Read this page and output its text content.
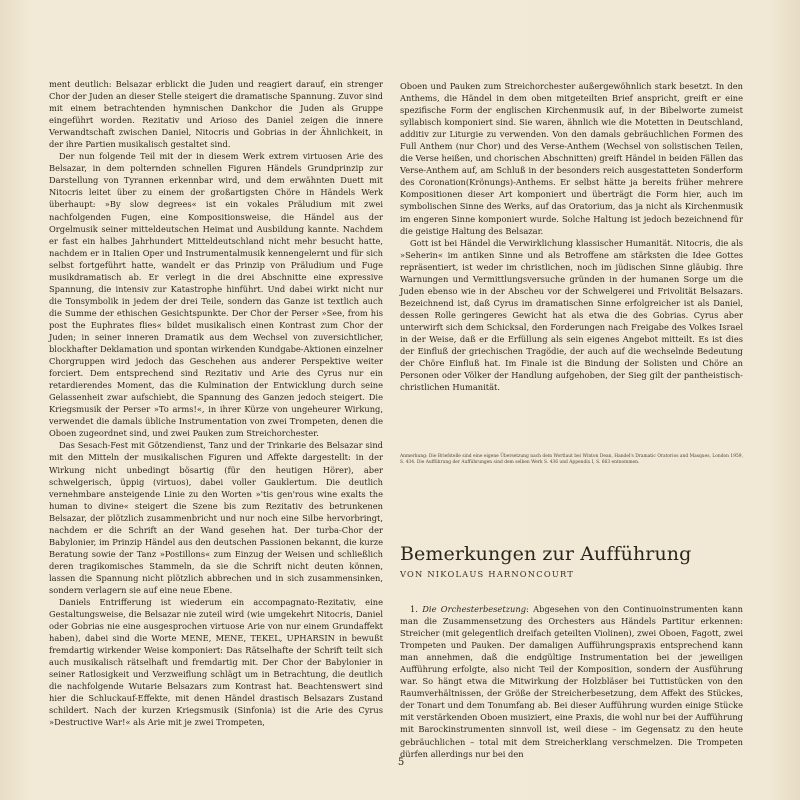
ment deutlich: Belsazar erblickt die Juden und reagiert darauf, ein strenger Chor der Juden an dieser Stelle steigert die dramatische Spannung. Zuvor sind mit einem betrachtenden hymnischen Dankchor die Juden als Gruppe eingeführt worden. Rezitativ und Arioso des Daniel zeigen die innere Verwandtschaft zwischen Daniel, Nitocris und Gobrias in der Ähnlichkeit, in der ihre Partien musikalisch gestaltet sind.

Der nun folgende Teil mit der in diesem Werk extrem virtuosen Arie des Belsazar, in dem polternden schnellen Figuren Händels Grundprinzip zur Darstellung von Tyrannen erkennbar wird, und dem erwähnten Duett mit Nitocris leitet über zu einem der großartigsten Chöre in Händels Werk überhaupt: »By slow degrees« ist ein vokales Präludium mit zwei nachfolgenden Fugen, eine Kompositionsweise, die Händel aus der Orgelmusik seiner mitteldeutschen Heimat und Ausbildung kannte. Nachdem er fast ein halbes Jahrhundert Mitteldeutschland nicht mehr besucht hatte, nachdem er in Italien Oper und Instrumentalmusik kennengelernt und für sich selbst fortgeführt hatte, wandelt er das Prinzip von Präludium und Fuge musikdramatisch ab. Er verlegt in die drei Abschnitte eine expressive Spannung, die intensiv zur Katastrophe hinführt. Und dabei wirkt nicht nur die Tonsymbolik in jedem der drei Teile, sondern das Ganze ist textlich auch die Summe der ethischen Gesichtspunkte. Der Chor der Perser »See, from his post the Euphrates flies« bildet musikalisch einen Kontrast zum Chor der Juden; in seiner inneren Dramatik aus dem Wechsel von zuversichtlicher, blockhafter Deklamation und spontan wirkenden Kundgabe-Aktionen einzelner Chorgruppen wird jedoch das Geschehen aus anderer Perspektive weiter forciert. Dem entsprechend sind Rezitativ und Arie des Cyrus nur ein retardierendes Moment, das die Kulmination der Entwicklung durch seine Gelassenheit zwar aufschiebt, die Spannung des Ganzen jedoch steigert. Die Kriegsmusik der Perser »To arms!«, in ihrer Kürze von ungeheurer Wirkung, verwendet die damals übliche Instrumentation von zwei Trompeten, denen die Oboen zugeordnet sind, und zwei Pauken zum Streichorchester.

Das Sesach-Fest mit Götzendienst, Tanz und der Trinkarie des Belsazar sind mit den Mitteln der musikalischen Figuren und Affekte dargestellt: in der Wirkung nicht unbedingt bösartig (für den heutigen Hörer), aber schwelgerisch, üppig (virtuos), dabei voller Gauklertum. Die deutlich vernehmbare ansteigende Linie zu den Worten »'tis gen'rous wine exalts the human to divine« steigert die Szene bis zum Rezitativ des betrunkenen Belsazar, der plötzlich zusammenbricht und nur noch eine Silbe hervorbringt, nachdem er die Schrift an der Wand gesehen hat. Der turba-Chor der Babylonier, im Prinzip Händel aus den deutschen Passionen bekannt, die kurze Beratung sowie der Tanz »Postillons« zum Einzug der Weisen und schließlich deren tragikomisches Stammeln, da sie die Schrift nicht deuten können, lassen die Spannung nicht plötzlich abbrechen und in sich zusammensinken, sondern verlagern sie auf eine neue Ebene.

Daniels Entrifferung ist wiederum ein accompagnato-Rezitativ, eine Gestaltungsweise, die Belsazar nie zuteil wird (wie umgekehrt Nitocris, Daniel oder Gobrias nie eine ausgesprochen virtuose Arie von nur einem Grundaffekt haben), dabei sind die Worte MENE, MENE, TEKEL, UPHARSIN in bewußt fremdartig wirkender Weise komponiert: Das Rätselhafte der Schrift teilt sich auch musikalisch rätselhaft und fremdartig mit. Der Chor der Babylonier in seiner Ratlosigkeit und Verzweiflung schlägt um in Betrachtung, die deutlich die nachfolgende Wutarie Belsazars zum Kontrast hat. Beachtenswert sind hier die Schluckauf-Effekte, mit denen Händel drastisch Belsazars Zustand schildert. Nach der kurzen Kriegsmusik (Sinfonia) ist die Arie des Cyrus »Destructive War!« als Arie mit je zwei Trompeten,

Oboen und Pauken zum Streichorchester außergewöhnlich stark besetzt. In den Anthems, die Händel in dem oben mitgeteilten Brief anspricht, greift er eine spezifische Form der englischen Kirchenmusik auf, in der Bibelworte zumeist syllabisch komponiert sind. Sie waren, ähnlich wie die Motetten in Deutschland, additiv zur Liturgie zu verwenden. Von den damals gebräuchlichen Formen des Full Anthem (nur Chor) und des Verse-Anthem (Wechsel von solistischen Teilen, die Verse heißen, und chorischen Abschnitten) greift Händel in beiden Fällen das Verse-Anthem auf, am Schluß in der besonders reich ausgestatteten Sonderform des Coronation(Krönungs)-Anthems. Er selbst hätte ja bereits früher mehrere Kompositionen dieser Art komponiert und überträgt die Form hier, auch im symbolischen Sinne des Werks, auf das Oratorium, das ja nicht als Kirchenmusik im engeren Sinne komponiert wurde. Solche Haltung ist jedoch bezeichnend für die geistige Haltung des Belsazar.

Gott ist bei Händel die Verwirklichung klassischer Humanität. Nitocris, die als »Seherin« im antiken Sinne und als Betroffene am stärksten die Idee Gottes repräsentiert, ist weder im christlichen, noch im jüdischen Sinne gläubig. Ihre Warnungen und Vermittlungsversuche gründen in der humanen Sorge um die Juden ebenso wie in der Abscheu vor der Schwelgerei und Frivolität Belsazars. Bezeichnend ist, daß Cyrus im dramatischen Sinne erfolgreicher ist als Daniel, dessen Rolle geringeres Gewicht hat als etwa die des Gobrias. Cyrus aber unterwirft sich dem Schicksal, den Forderungen nach Freigabe des Volkes Israel in der Weise, daß er die Erfüllung als sein eigenes Angebot mitteilt. Es ist dies der Einfluß der griechischen Tragödie, der auch auf die wechselnde Bedeutung der Chöre Einfluß hat. Im Finale ist die Bindung der Solisten und Chöre an Personen oder Völker der Handlung aufgehoben, der Sieg gilt der pantheistisch-christlichen Humanität.

Anmerkung: Die Briefstelle sind eine eigene Übersetzung nach dem Wortlaut bei Winton Dean, Handel's Dramatic Oratorios and Masques, London 1959, S. 434. Die Aufführung der Aufführungen sind dem selben Werk S. 436 und Appendix I, S. 663 entnommen.
Bemerkungen zur Aufführung
VON NIKOLAUS HARNONCOURT

1. Die Orchesterbesetzung: Abgesehen von den Continuoinstrumenten kann man die Zusammensetzung des Orchesters aus Händels Partitur erkennen: Streicher (mit gelegentlich dreifach geteilten Violinen), zwei Oboen, Fagott, zwei Trompeten und Pauken. Der damaligen Aufführungspraxis entsprechend kann man annehmen, daß die endgültige Instrumentation bei der jeweiligen Aufführung erfolgte, also nicht Teil der Komposition, sondern der Ausführung war. So hängt etwa die Mitwirkung der Holzbläser bei Tuttistücken von den Raumverhältnissen, der Größe der Streicherbesetzung, dem Affekt des Stückes, der Tonart und dem Tonumfang ab. Bei dieser Aufführung wurden einige Stücke mit verstärkenden Oboen musiziert, eine Praxis, die wohl nur bei der Aufführung mit Barockinstrumenten sinnvoll ist, weil diese – im Gegensatz zu den heute gebräuchlichen – total mit dem Streicherklang verschmelzen. Die Trompeten dürfen allerdings nur bei den

5
